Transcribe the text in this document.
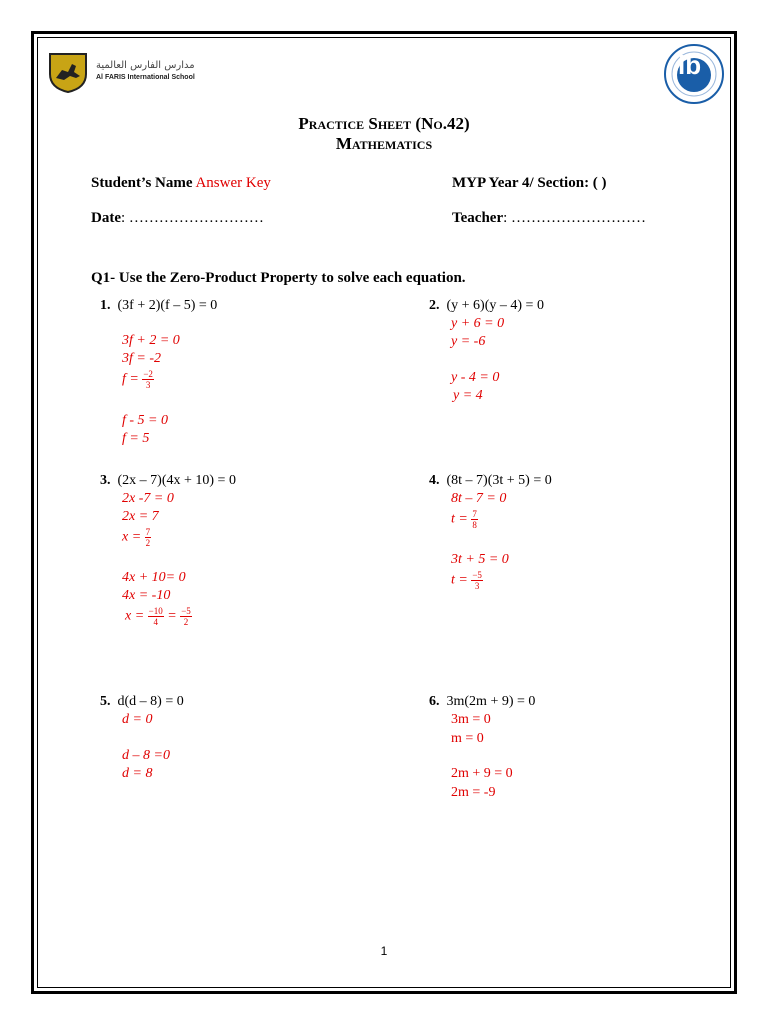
مدارس الفارس العالمية
Al FARIS International School	ib
Practice Sheet (No.42)
Mathematics
Student’s Name Answer Key	MYP Year 4/ Section: ( )
Date: ………………………	Teacher: ………………………
Q1- Use the Zero-Product Property to solve each equation.
1. (3f + 2)(f – 5) = 0
3f + 2 = 0
3f = -2
$f = \frac{-2}{3}$
f - 5 = 0
f = 5
2. (y + 6)(y – 4) = 0
y + 6 = 0
y = -6
y - 4 = 0
y = 4
3. (2x – 7)(4x + 10) = 0
2x -7 = 0
2x = 7
$x = \frac{7}{2}$
4x + 10= 0
4x = -10
$x = \frac{-10}{4} = \frac{-5}{2}$
4. (8t – 7)(3t + 5) = 0
8t – 7 = 0
$t = \frac{7}{8}$
3t + 5 = 0
$t = \frac{-5}{3}$
5. d(d – 8) = 0
d = 0
d – 8 =0
d = 8
6. 3m(2m + 9) = 0
3m = 0
m = 0
2m + 9 = 0
2m = -9
1
